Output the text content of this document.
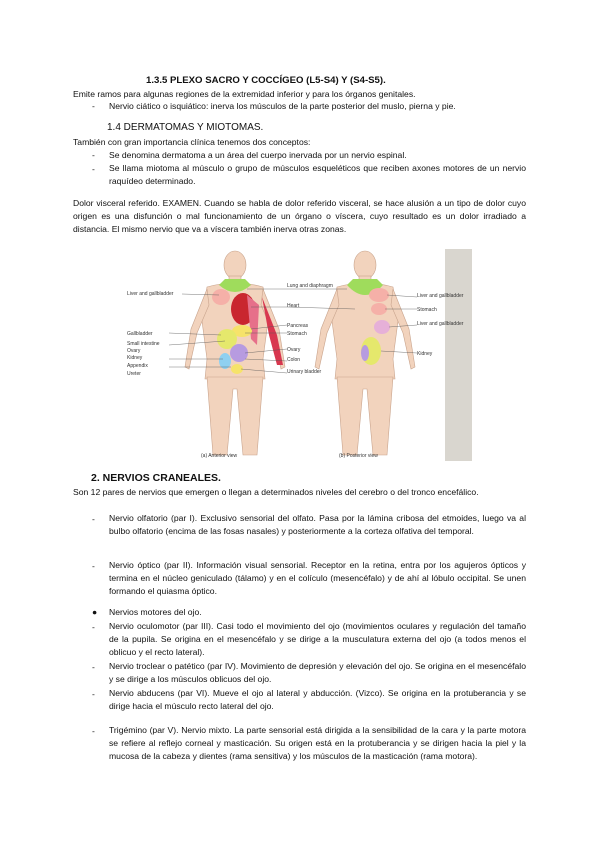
1.3.5 PLEXO SACRO Y COCCÍGEO (L5-S4) Y (S4-S5).
Emite ramos para algunas regiones de la extremidad inferior y para los órganos genitales.
- Nervio ciático o isquiático: inerva los músculos de la parte posterior del muslo, pierna y pie.
1.4 DERMATOMAS Y MIOTOMAS.
También con gran importancia clínica tenemos dos conceptos:
- Se denomina dermatoma a un área del cuerpo inervada por un nervio espinal.
- Se llama miotoma al músculo o grupo de músculos esqueléticos que reciben axones motores de un nervio raquídeo determinado.
Dolor visceral referido. EXAMEN. Cuando se habla de dolor referido visceral, se hace alusión a un tipo de dolor cuyo origen es una disfunción o mal funcionamiento de un órgano o víscera, cuyo resultado es un dolor irradiado a distancia. El mismo nervio que va a víscera también inerva otras zonas.
Liver and gallbladder
Gallbladder
Small intestine
Ovary
Kidney
Appendix
Ureter
Lung and diaphragm
Heart
Pancreas
Stomach
Ovary
Colon
Urinary bladder
Liver and gallbladder
Stomach
Liver and gallbladder
Kidney
(a) Anterior view	(b) Posterior view
2. NERVIOS CRANEALES.
Son 12 pares de nervios que emergen o llegan a determinados niveles del cerebro o del tronco encefálico.
- Nervio olfatorio (par I). Exclusivo sensorial del olfato. Pasa por la lámina cribosa del etmoides, luego va al bulbo olfatorio (encima de las fosas nasales) y posteriormente a la corteza olfativa del temporal.
- Nervio óptico (par II). Información visual sensorial. Receptor en la retina, entra por los agujeros ópticos y termina en el núcleo geniculado (tálamo) y en el colículo (mesencéfalo) y de ahí al lóbulo occipital. Se unen formando el quiasma óptico.
● Nervios motores del ojo.
- Nervio oculomotor (par III). Casi todo el movimiento del ojo (movimientos oculares y regulación del tamaño de la pupila. Se origina en el mesencéfalo y se dirige a la musculatura externa del ojo (a todos menos el oblicuo y el recto lateral).
- Nervio troclear o patético (par IV). Movimiento de depresión y elevación del ojo. Se origina en el mesencéfalo y se dirige a los músculos oblicuos del ojo.
- Nervio abducens (par VI). Mueve el ojo al lateral y abducción. (Vizco). Se origina en la protuberancia y se dirige hacia el músculo recto lateral del ojo.
- Trigémino (par V). Nervio mixto. La parte sensorial está dirigida a la sensibilidad de la cara y la parte motora se refiere al reflejo corneal y masticación. Su origen está en la protuberancia y se dirigen hacia la piel y la mucosa de la cabeza y dientes (rama sensitiva) y los músculos de la masticación (rama motora).
